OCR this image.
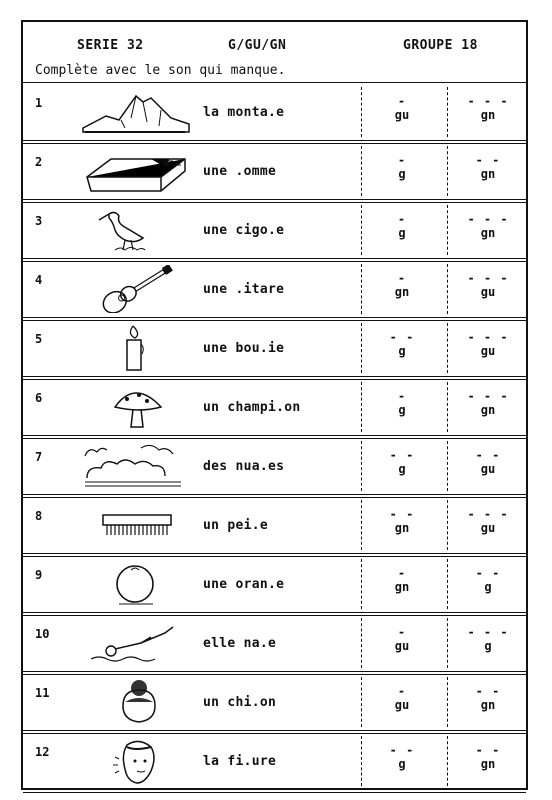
SERIE 32	G/GU/GN	GROUPE 18
Complète avec le son qui manque.
1
la monta.e
-
gu
- - -
gn
2
une .omme
-
g
- -
gn
3
une cigo.e
-
g
- - -
gn
4
une .itare
-
gn
- - -
gu
5
une bou.ie
- -
g
- - -
gu
6
un champi.on
-
g
- - -
gn
7
des nua.es
- -
g
- -
gu
8
un pei.e
- -
gn
- - -
gu
9
une oran.e
-
gn
- -
g
10
elle na.e
-
gu
- - -
g
11
un chi.on
-
gu
- -
gn
12
la fi.ure
- -
g
- -
gn
